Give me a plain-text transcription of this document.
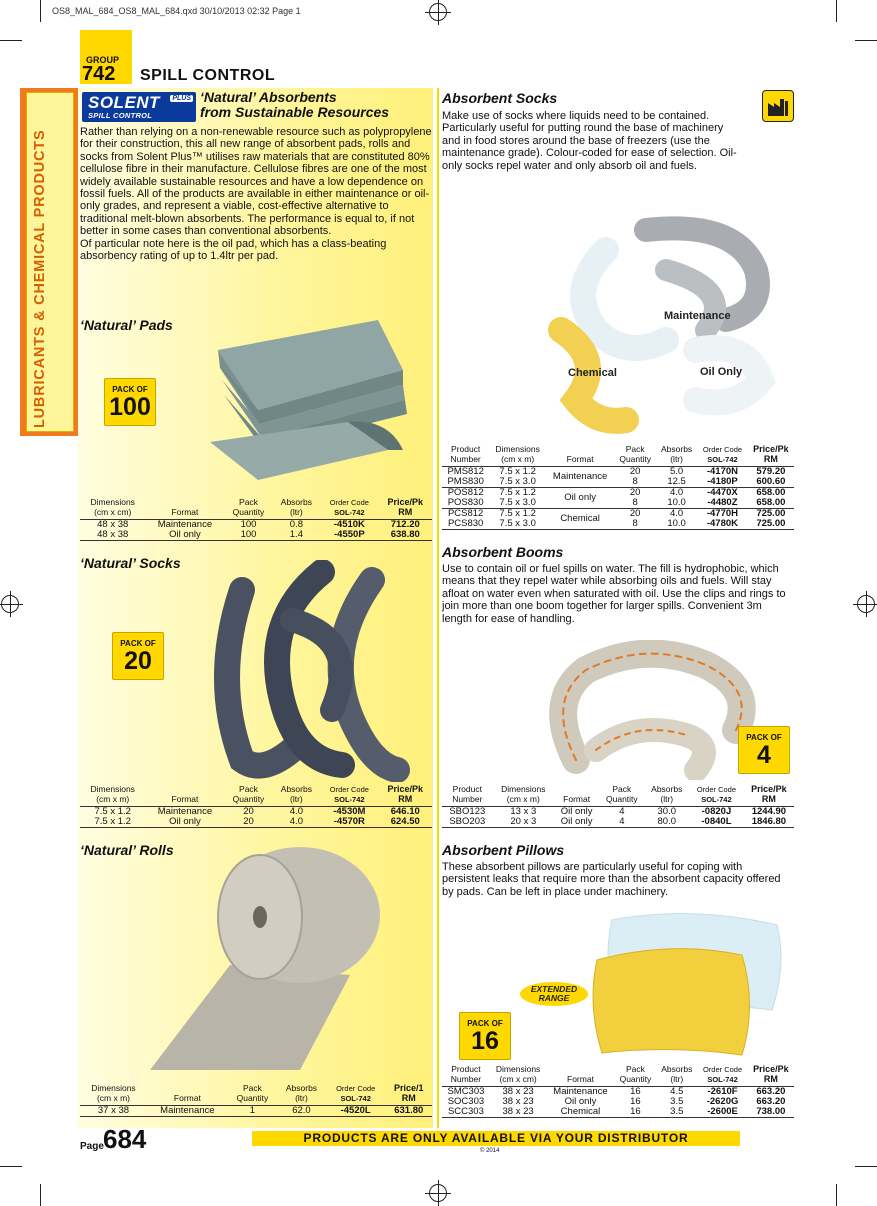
OS8_MAL_684_OS8_MAL_684.qxd 30/10/2013 02:32 Page 1
LUBRICANTS & CHEMICAL PRODUCTS
GROUP
742 SPILL CONTROL
SOLENT
SPILL CONTROL
PLUS ‘Natural’ Absorbents
from Sustainable Resources
Rather than relying on a non-renewable resource such as polypropylene for their construction, this all new range of absorbent pads, rolls and socks from Solent Plus™ utilises raw materials that are constituted 80% cellulose fibre in their manufacture. Cellulose fibres are one of the most widely available sustainable resources and have a low dependence on fossil fuels. All of the products are available in either maintenance or oil-only grades, and represent a viable, cost-effective alternative to traditional melt-blown absorbents. The performance is equal to, if not better in some cases than conventional absorbents.
Of particular note here is the oil pad, which has a class-beating absorbency rating of up to 1.4ltr per pad.
‘Natural’ Pads
PACK OF
100
Dimensions
(cm x cm)	Format	Pack
Quantity	Absorbs
(ltr)	Order Code
SOL-742	Price/Pk
RM
48 x 38	Maintenance	100	0.8	-4510K	712.20
48 x 38	Oil only	100	1.4	-4550P	638.80
‘Natural’ Socks
PACK OF
20
Dimensions
(cm x m)	Format	Pack
Quantity	Absorbs
(ltr)	Order Code
SOL-742	Price/Pk
RM
7.5 x 1.2	Maintenance	20	4.0	-4530M	646.10
7.5 x 1.2	Oil only	20	4.0	-4570R	624.50
‘Natural’ Rolls
Dimensions
(cm x m)	Format	Pack
Quantity	Absorbs
(ltr)	Order Code
SOL-742	Price/1
RM
37 x 38	Maintenance	1	62.0	-4520L	631.80
Absorbent Socks
Make use of socks where liquids need to be contained. Particularly useful for putting round the base of machinery and in food stores around the base of freezers (use the maintenance grade). Colour-coded for ease of selection. Oil-only socks repel water and only absorb oil and fuels.
Maintenance
Chemical	Oil Only
Product
Number	Dimensions
(cm x m)	Format	Pack
Quantity	Absorbs
(ltr)	Order Code
SOL-742	Price/Pk
RM
PMS812	7.5 x 1.2	Maintenance	20	5.0	-4170N	579.20
PMS830	7.5 x 3.0		8	12.5	-4180P	600.60
POS812	7.5 x 1.2	Oil only	20	4.0	-4470X	658.00
POS830	7.5 x 3.0		8	10.0	-4480Z	658.00
PCS812	7.5 x 1.2	Chemical	20	4.0	-4770H	725.00
PCS830	7.5 x 3.0		8	10.0	-4780K	725.00
Absorbent Booms
Use to contain oil or fuel spills on water. The fill is hydrophobic, which means that they repel water while absorbing oils and fuels. Will stay afloat on water even when saturated with oil. Use the clips and rings to join more than one boom together for larger spills. Convenient 3m length for ease of handling.
PACK OF
4
Product
Number	Dimensions
(cm x m)	Format	Pack
Quantity	Absorbs
(ltr)	Order Code
SOL-742	Price/Pk
RM
SBO123	13 x 3	Oil only	4	30.0	-0820J	1244.90
SBO203	20 x 3	Oil only	4	80.0	-0840L	1846.80
Absorbent Pillows
These absorbent pillows are particularly useful for coping with persistent leaks that require more than the absorbent capacity offered by pads. Can be left in place under machinery.
EXTENDED
RANGE
PACK OF
16
Product
Number	Dimensions
(cm x cm)	Format	Pack
Quantity	Absorbs
(ltr)	Order Code
SOL-742	Price/Pk
RM
SMC303	38 x 23	Maintenance	16	4.5	-2610F	663.20
SOC303	38 x 23	Oil only	16	3.5	-2620G	663.20
SCC303	38 x 23	Chemical	16	3.5	-2600E	738.00
Page 684	PRODUCTS ARE ONLY AVAILABLE VIA YOUR DISTRIBUTOR
© 2014
